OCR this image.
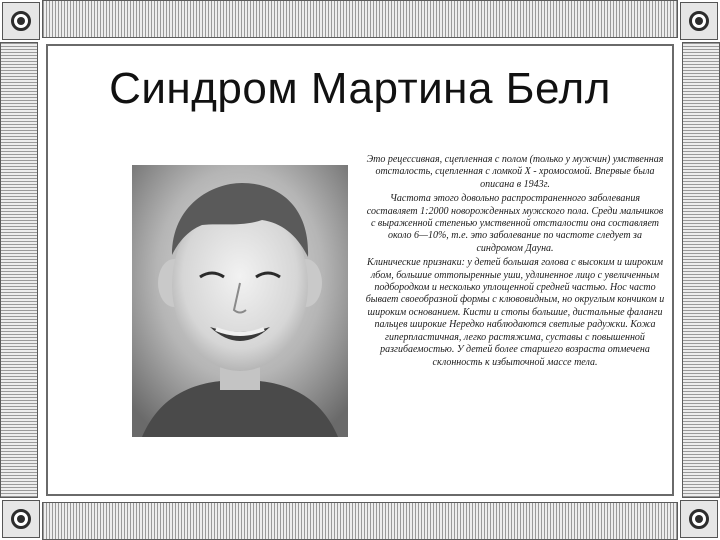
Синдром Мартина Белл

Это рецессивная, сцепленная с полом (только у мужчин) умственная отсталость, сцепленная с ломкой X - хромосомой. Впервые была описана в 1943г.

Частота этого довольно распространенного заболевания составляет 1:2000 новорожденных мужского пола. Среди мальчиков с выраженной степенью умственной отсталости она составляет около 6—10%, т.е. это заболевание по частоте следует за синдромом Дауна.

Клинические признаки: у детей большая голова с высоким и широким лбом, большие оттопыренные уши, удлиненное лицо с увеличенным подбородком и несколько уплощенной средней частью. Нос часто бывает своеобразной формы с клювовидным, но округлым кончиком и широким основанием. Кисти и стопы большие, дистальные фаланги пальцев широкие Нередко наблюдаются светлые радужки. Кожа гиперпластичная, легко растяжима, суставы с повышенной разгибаемостью. У детей более старшего возраста отмечена склонность к избыточной массе тела.
